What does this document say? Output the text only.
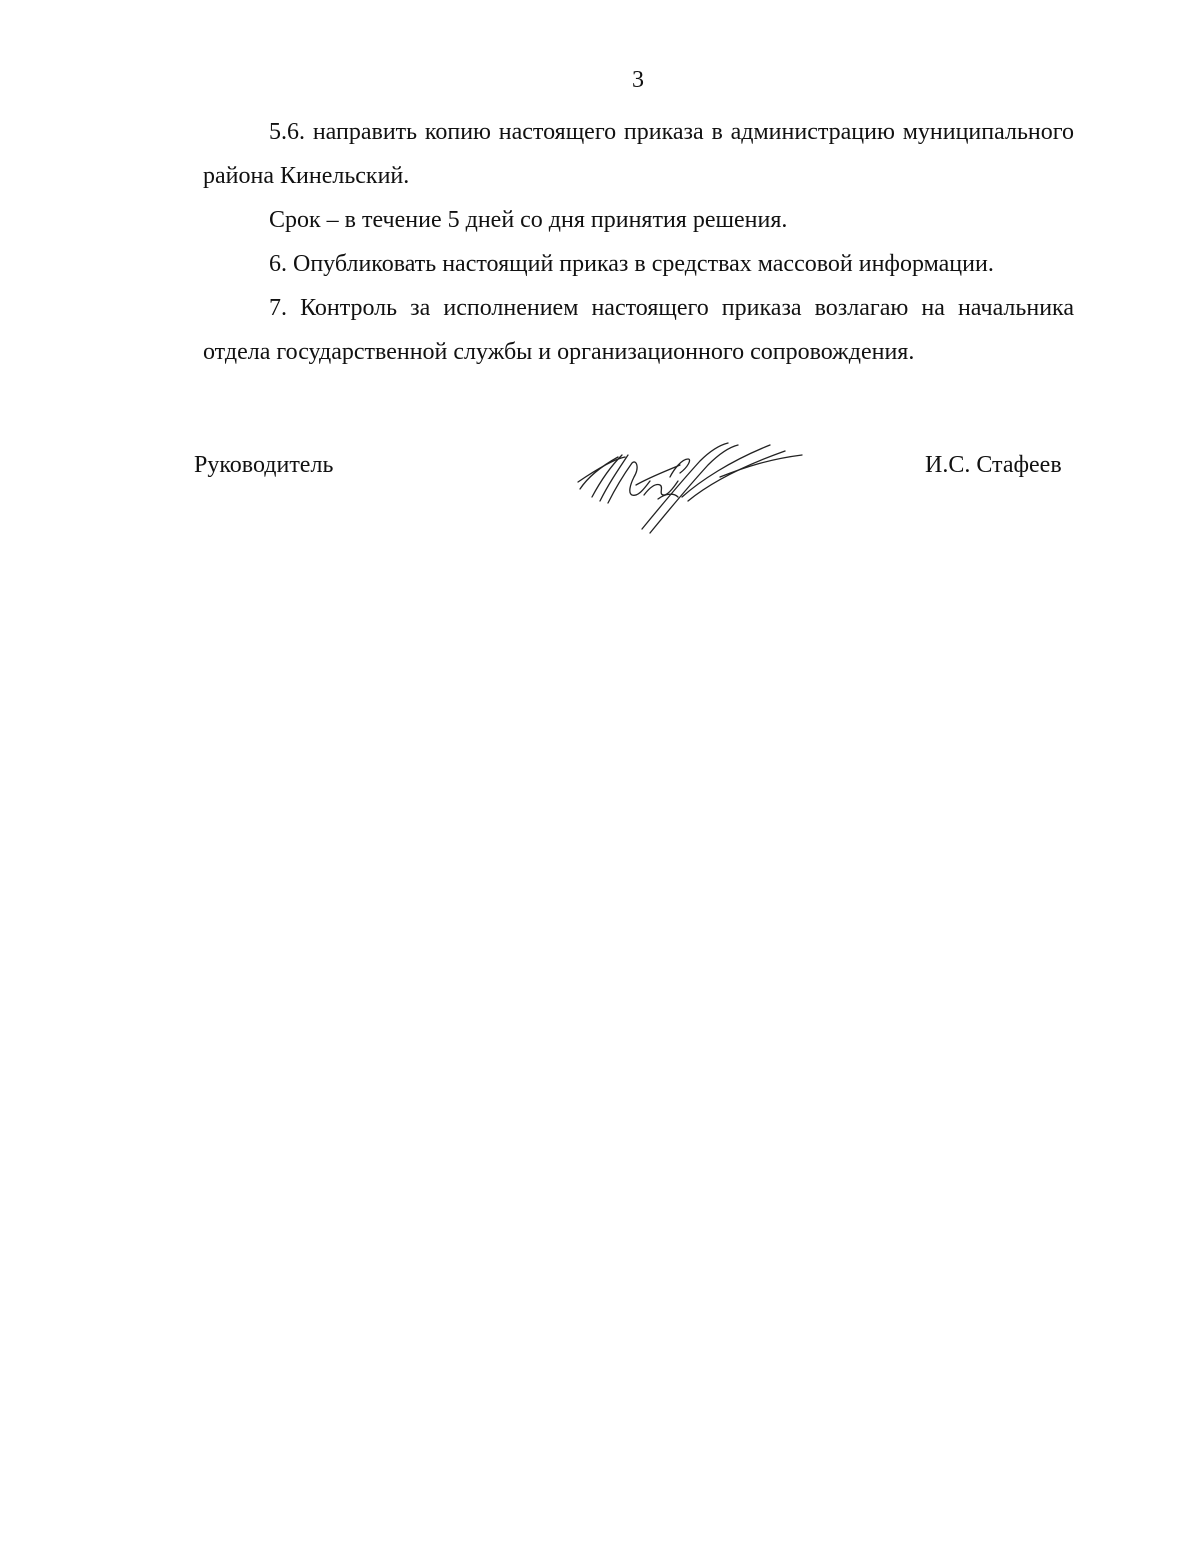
3

5.6. направить копию настоящего приказа в администрацию муниципального района Кинельский.

Срок – в течение 5 дней со дня принятия решения.

6. Опубликовать настоящий приказ в средствах массовой информации.

7. Контроль за исполнением настоящего приказа возлагаю на начальника отдела государственной службы и организационного сопровождения.

Руководитель	И.С. Стафеев
